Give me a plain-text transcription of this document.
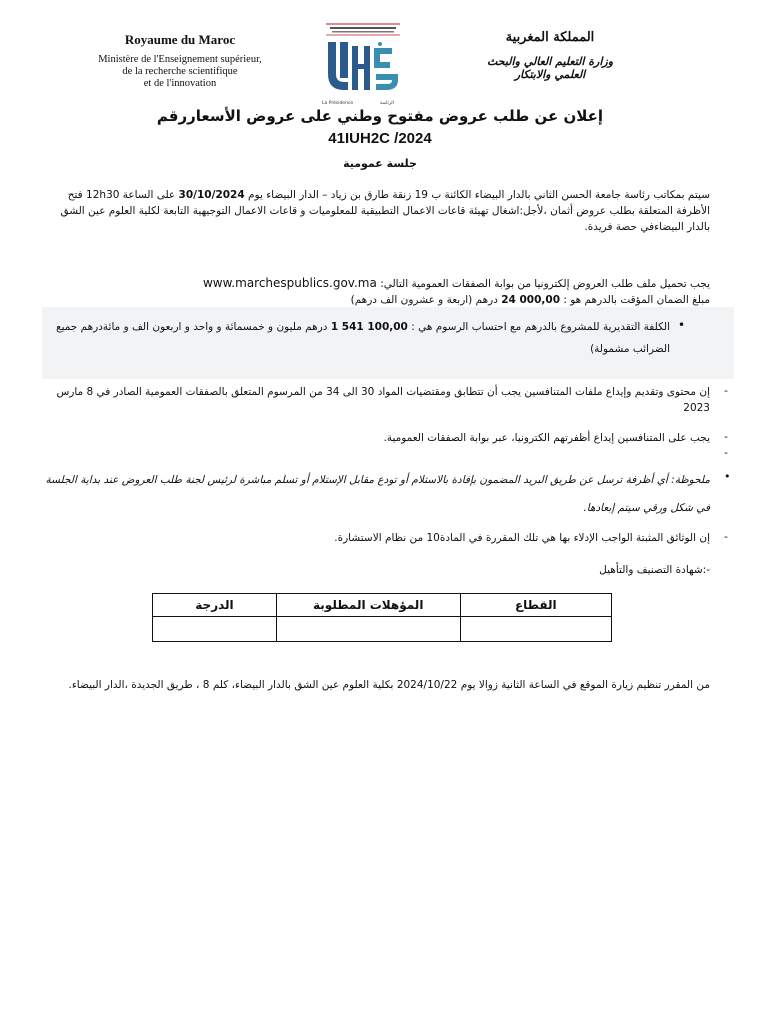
Royaume du Maroc
Ministère de l'Enseignement supérieur,
de la recherche scientifique
et de l'innovation
La Présidence	الرئاسة
المملكة المغربية
وزارة التعليم العالي والبحث
العلمي والابتكار
إعلان عن طلب عروض مفتوح وطني على عروض الأسعاررقم
41IUH2C /2024
جلسة عمومية
سيتم بمكاتب رئاسة جامعة الحسن الثاني بالدار البيضاء الكائنة ب 19 زنقة طارق بن زياد – الدار البيضاء يوم 30/10/2024 على الساعة 12h30 فتح الأظرفة المتعلقة بطلب عروض أثمان ،لأجل:اشغال تهيئة قاعات الاعمال التطبيقية للمعلوميات و قاعات الاعمال التوجيهية التابعة لكلية العلوم عين الشق بالدار البيضاءفي حصة فريدة.
يجب تحميل ملف طلب العروض إلكترونيا من بوابة الصفقات العمومية التالي: www.marchespublics.gov.ma
مبلغ الضمان المؤقت بالدرهم هو : 24 000,00 درهم (اربعة و عشرون الف درهم)
•
الكلفة التقديرية للمشروع بالدرهم مع احتساب الرسوم هي : 1 541 100,00 درهم مليون و خمسمائة و واحد و اربعون الف و مائةدرهم جميع الضرائب مشمولة)
-
إن محتوى وتقديم وإيداع ملفات المتنافسين يجب أن تتطابق ومقتضيات المواد 30 الى 34 من المرسوم المتعلق بالصفقات العمومية الصادر في 8 مارس 2023
-
يجب على المتنافسين إيداع أظفرتهم الكترونيا، عبر بوابة الصفقات العمومية.
-
•
ملحوظة: أي أظرفة ترسل عن طريق البريد المضمون بإفادة بالاستلام أو تودع مقابل الإستلام أو تسلم مباشرة لرئيس لجنة طلب العروض عند بداية الجلسة في شكل ورقي سيتم إبعادها.
-
إن الوثائق المثبتة الواجب الإدلاء بها هي تلك المقررة في المادة10 من نظام الاستشارة.
-:شهادة التصنيف والتأهيل
القطاع	المؤهلات المطلوبة	الدرجة

من المقرر تنظيم زيارة الموقع في الساعة الثانية زوالا يوم 2024/10/22 بكلية العلوم عين الشق بالدار البيضاء، كلم 8 ، طريق الجديدة ،الدار البيضاء.
